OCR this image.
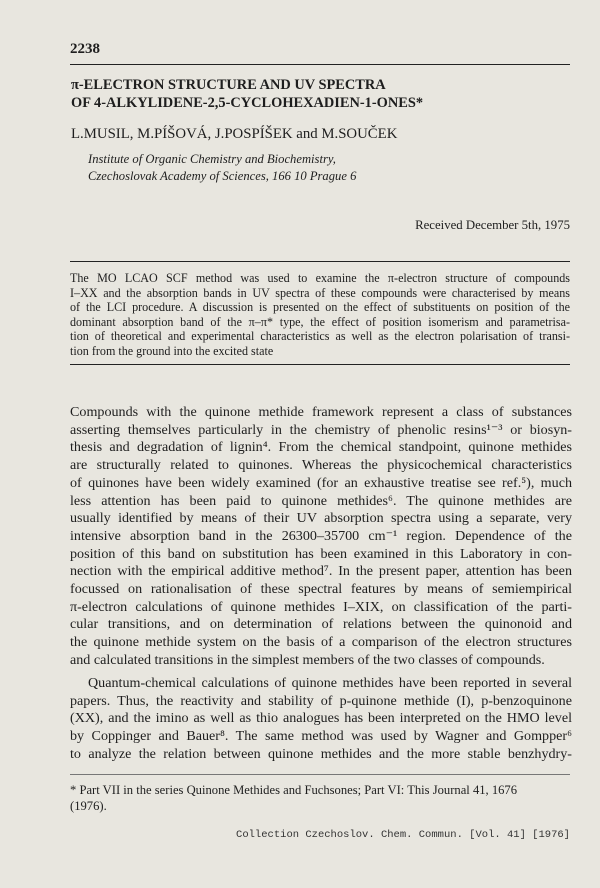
2238
π-ELECTRON STRUCTURE AND UV SPECTRA
OF 4-ALKYLIDENE-2,5-CYCLOHEXADIEN-1-ONES*
L.MUSIL, M.PÍŠOVÁ, J.POSPÍŠEK and M.SOUČEK
Institute of Organic Chemistry and Biochemistry,
Czechoslovak Academy of Sciences, 166 10 Prague 6
Received December 5th, 1975

The MO LCAO SCF method was used to examine the π-electron structure of compounds
I–XX and the absorption bands in UV spectra of these compounds were characterised by means
of the LCI procedure. A discussion is presented on the effect of substituents on position of the
dominant absorption band of the π–π* type, the effect of position isomerism and parametrisa-
tion of theoretical and experimental characteristics as well as the electron polarisation of transi-
tion from the ground into the excited state

Compounds with the quinone methide framework represent a class of substances
asserting themselves particularly in the chemistry of phenolic resins¹⁻³ or biosyn-
thesis and degradation of lignin⁴. From the chemical standpoint, quinone methides
are structurally related to quinones. Whereas the physicochemical characteristics
of quinones have been widely examined (for an exhaustive treatise see ref.⁵), much
less attention has been paid to quinone methides⁶. The quinone methides are
usually identified by means of their UV absorption spectra using a separate, very
intensive absorption band in the 26300–35700 cm⁻¹ region. Dependence of the
position of this band on substitution has been examined in this Laboratory in con-
nection with the empirical additive method⁷. In the present paper, attention has been
focussed on rationalisation of these spectral features by means of semiempirical
π-electron calculations of quinone methides I–XIX, on classification of the parti-
cular transitions, and on determination of relations between the quinonoid and
the quinone methide system on the basis of a comparison of the electron structures
and calculated transitions in the simplest members of the two classes of compounds.

Quantum-chemical calculations of quinone methides have been reported in several
papers. Thus, the reactivity and stability of p-quinone methide (I), p-benzoquinone
(XX), and the imino as well as thio analogues has been interpreted on the HMO level
by Coppinger and Bauer⁸. The same method was used by Wagner and Gompper⁶
to analyze the relation between quinone methides and the more stable benzhydry-

* Part VII in the series Quinone Methides and Fuchsones; Part VI: This Journal 41, 1676
(1976).

Collection Czechoslov. Chem. Commun. [Vol. 41] [1976]
